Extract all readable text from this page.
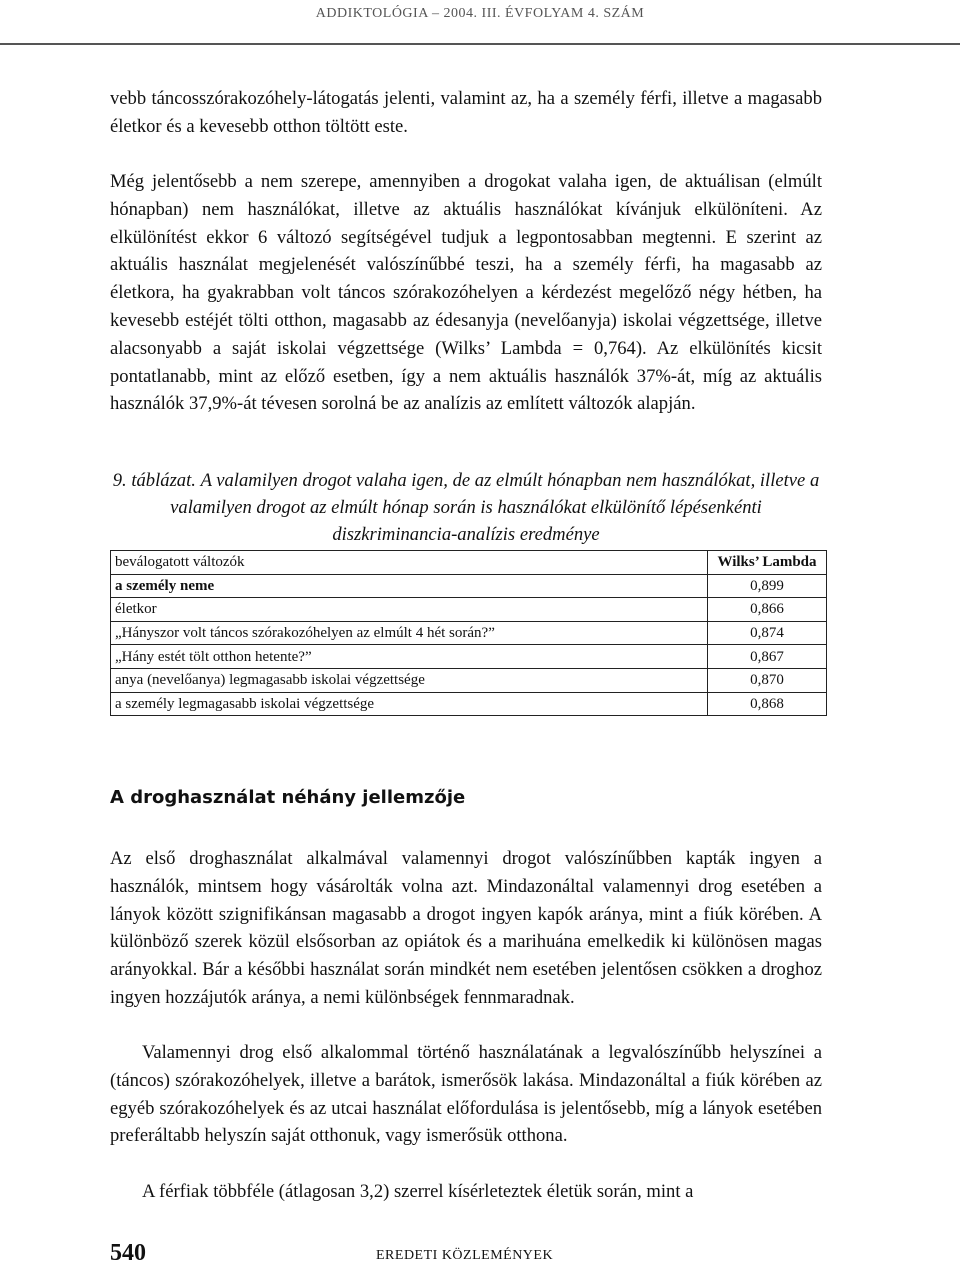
ADDIKTOLÓGIA – 2004. III. ÉVFOLYAM 4. SZÁM

vebb táncosszórakozóhely-látogatás jelenti, valamint az, ha a személy férfi, illetve a magasabb életkor és a kevesebb otthon töltött este.

Még jelentősebb a nem szerepe, amennyiben a drogokat valaha igen, de aktuálisan (elmúlt hónapban) nem használókat, illetve az aktuális használókat kívánjuk elkülöníteni. Az elkülönítést ekkor 6 változó segítségével tudjuk a legpontosabban megtenni. E szerint az aktuális használat megjelenését valószínűbbé teszi, ha a személy férfi, ha magasabb az életkora, ha gyakrabban volt táncos szórakozóhelyen a kérdezést megelőző négy hétben, ha kevesebb estéjét tölti otthon, magasabb az édesanyja (nevelőanyja) iskolai végzettsége, illetve alacsonyabb a saját iskolai végzettsége (Wilks’ Lambda = 0,764). Az elkülönítés kicsit pontatlanabb, mint az előző esetben, így a nem aktuális használók 37%-át, míg az aktuális használók 37,9%-át tévesen sorolná be az analízis az említett változók alapján.

9. táblázat. A valamilyen drogot valaha igen, de az elmúlt hónapban nem használókat, illetve a valamilyen drogot az elmúlt hónap során is használókat elkülönítő lépésenkénti diszkriminancia-analízis eredménye

beválogatott változók	Wilks’ Lambda
a személy neme	0,899
életkor	0,866
„Hányszor volt táncos szórakozóhelyen az elmúlt 4 hét során?”	0,874
„Hány estét tölt otthon hetente?”	0,867
anya (nevelőanya) legmagasabb iskolai végzettsége	0,870
a személy legmagasabb iskolai végzettsége	0,868
A droghasználat néhány jellemzője

Az első droghasználat alkalmával valamennyi drogot valószínűbben kapták ingyen a használók, mintsem hogy vásárolták volna azt. Mindazonáltal valamennyi drog esetében a lányok között szignifikánsan magasabb a drogot ingyen kapók aránya, mint a fiúk körében. A különböző szerek közül elsősorban az opiátok és a marihuána emelkedik ki különösen magas arányokkal. Bár a későbbi használat során mindkét nem esetében jelentősen csökken a droghoz ingyen hozzájutók aránya, a nemi különbségek fennmaradnak.

Valamennyi drog első alkalommal történő használatának a legvalószínűbb helyszínei a (táncos) szórakozóhelyek, illetve a barátok, ismerősök lakása. Mindazonáltal a fiúk körében az egyéb szórakozóhelyek és az utcai használat előfordulása is jelentősebb, míg a lányok esetében preferáltabb helyszín saját otthonuk, vagy ismerősük otthona.

A férfiak többféle (átlagosan 3,2) szerrel kísérleteztek életük során, mint a

540	EREDETI KÖZLEMÉNYEK
